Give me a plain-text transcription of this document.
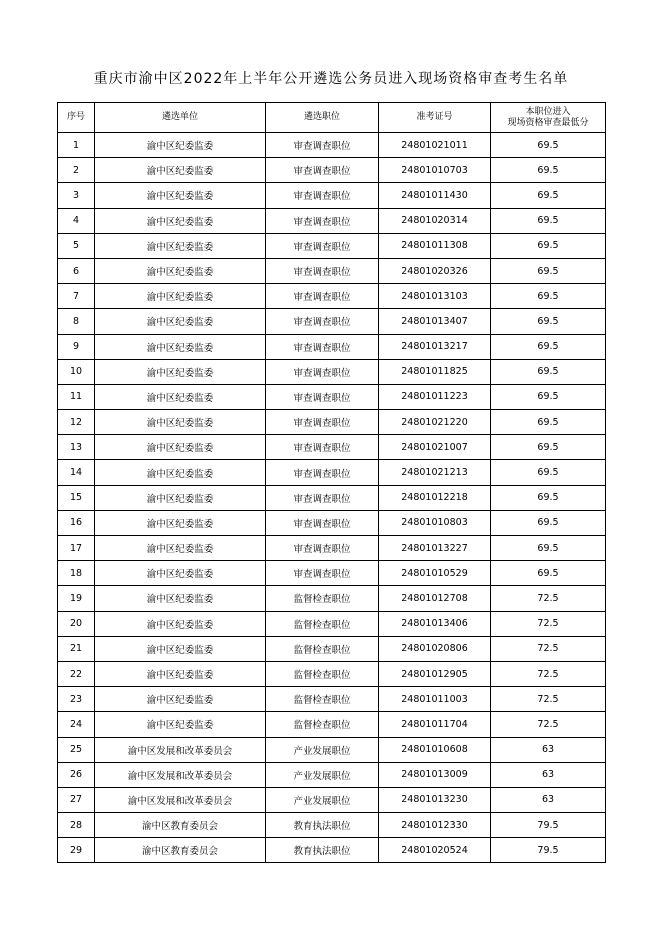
重庆市渝中区2022年上半年公开遴选公务员进入现场资格审查考生名单
序号	遴选单位	遴选职位	准考证号	本职位进入
现场资格审查最低分

1	渝中区纪委监委	审查调查职位	24801021011	69.5
2	渝中区纪委监委	审查调查职位	24801010703	69.5
3	渝中区纪委监委	审查调查职位	24801011430	69.5
4	渝中区纪委监委	审查调查职位	24801020314	69.5
5	渝中区纪委监委	审查调查职位	24801011308	69.5
6	渝中区纪委监委	审查调查职位	24801020326	69.5
7	渝中区纪委监委	审查调查职位	24801013103	69.5
8	渝中区纪委监委	审查调查职位	24801013407	69.5
9	渝中区纪委监委	审查调查职位	24801013217	69.5
10	渝中区纪委监委	审查调查职位	24801011825	69.5
11	渝中区纪委监委	审查调查职位	24801011223	69.5
12	渝中区纪委监委	审查调查职位	24801021220	69.5
13	渝中区纪委监委	审查调查职位	24801021007	69.5
14	渝中区纪委监委	审查调查职位	24801021213	69.5
15	渝中区纪委监委	审查调查职位	24801012218	69.5
16	渝中区纪委监委	审查调查职位	24801010803	69.5
17	渝中区纪委监委	审查调查职位	24801013227	69.5
18	渝中区纪委监委	审查调查职位	24801010529	69.5
19	渝中区纪委监委	监督检查职位	24801012708	72.5
20	渝中区纪委监委	监督检查职位	24801013406	72.5
21	渝中区纪委监委	监督检查职位	24801020806	72.5
22	渝中区纪委监委	监督检查职位	24801012905	72.5
23	渝中区纪委监委	监督检查职位	24801011003	72.5
24	渝中区纪委监委	监督检查职位	24801011704	72.5
25	渝中区发展和改革委员会	产业发展职位	24801010608	63
26	渝中区发展和改革委员会	产业发展职位	24801013009	63
27	渝中区发展和改革委员会	产业发展职位	24801013230	63
28	渝中区教育委员会	教育执法职位	24801012330	79.5
29	渝中区教育委员会	教育执法职位	24801020524	79.5
